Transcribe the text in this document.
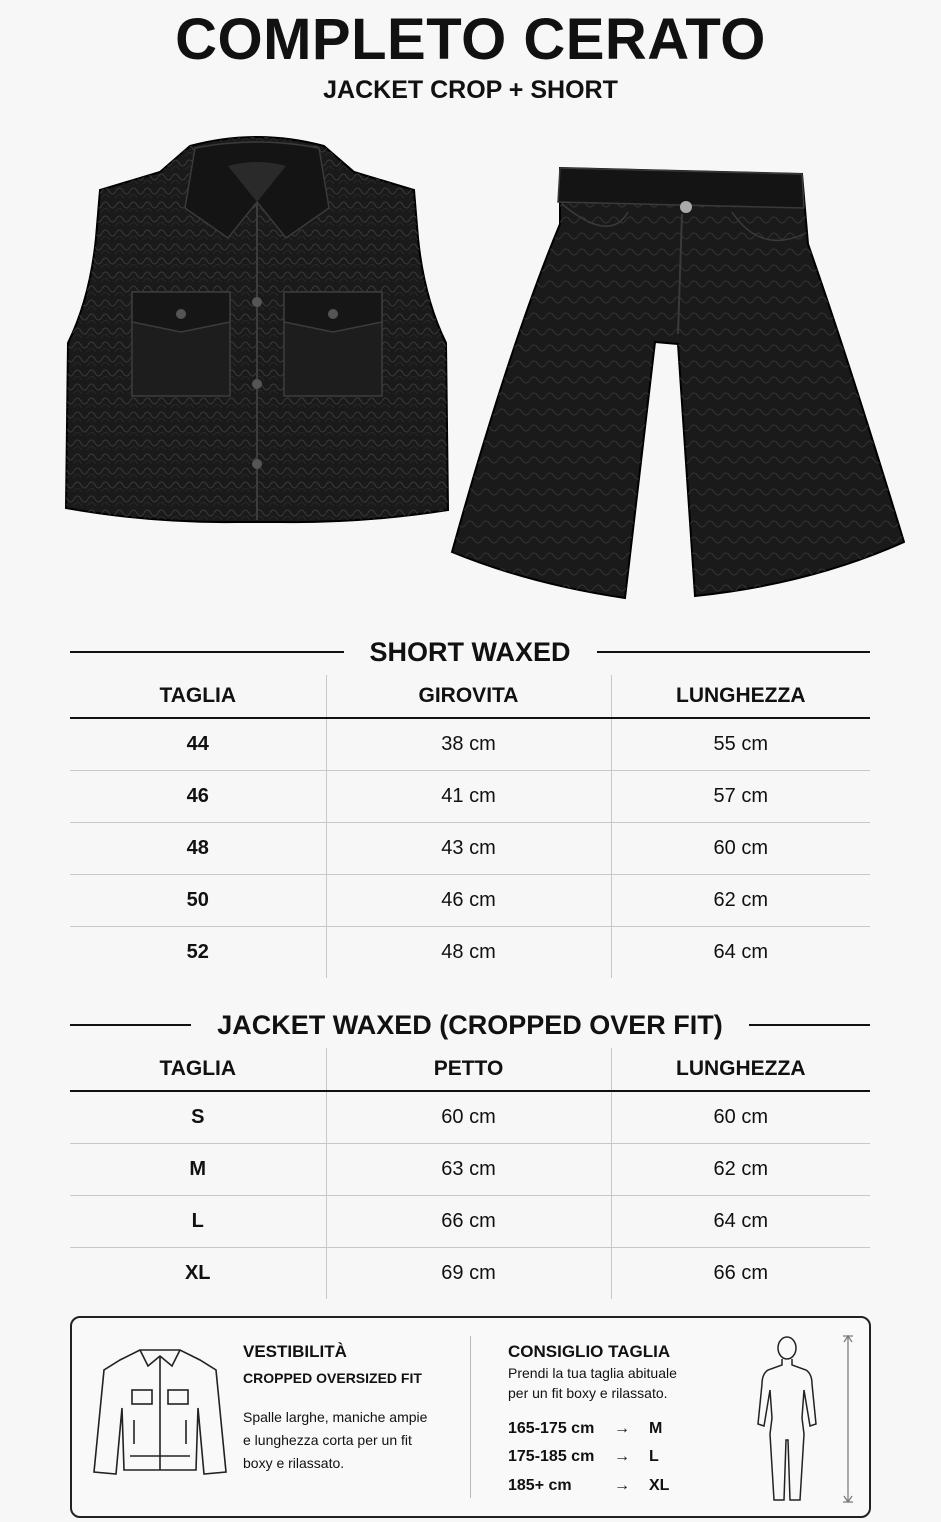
COMPLETO CERATO
JACKET CROP + SHORT
SHORT WAXED
TAGLIA	GIROVITA	LUNGHEZZA
44	38 cm	55 cm
46	41 cm	57 cm
48	43 cm	60 cm
50	46 cm	62 cm
52	48 cm	64 cm
JACKET WAXED (CROPPED OVER FIT)
TAGLIA	PETTO	LUNGHEZZA
S	60 cm	60 cm
M	63 cm	62 cm
L	66 cm	64 cm
XL	69 cm	66 cm
VESTIBILITÀ
CROPPED OVERSIZED FIT
Spalle larghe, maniche ampie
e lunghezza corta per un fit
boxy e rilassato.
CONSIGLIO TAGLIA
Prendi la tua taglia abituale
per un fit boxy e rilassato.
165-175 cm	→	M
175-185 cm	→	L
185+ cm	→	XL
